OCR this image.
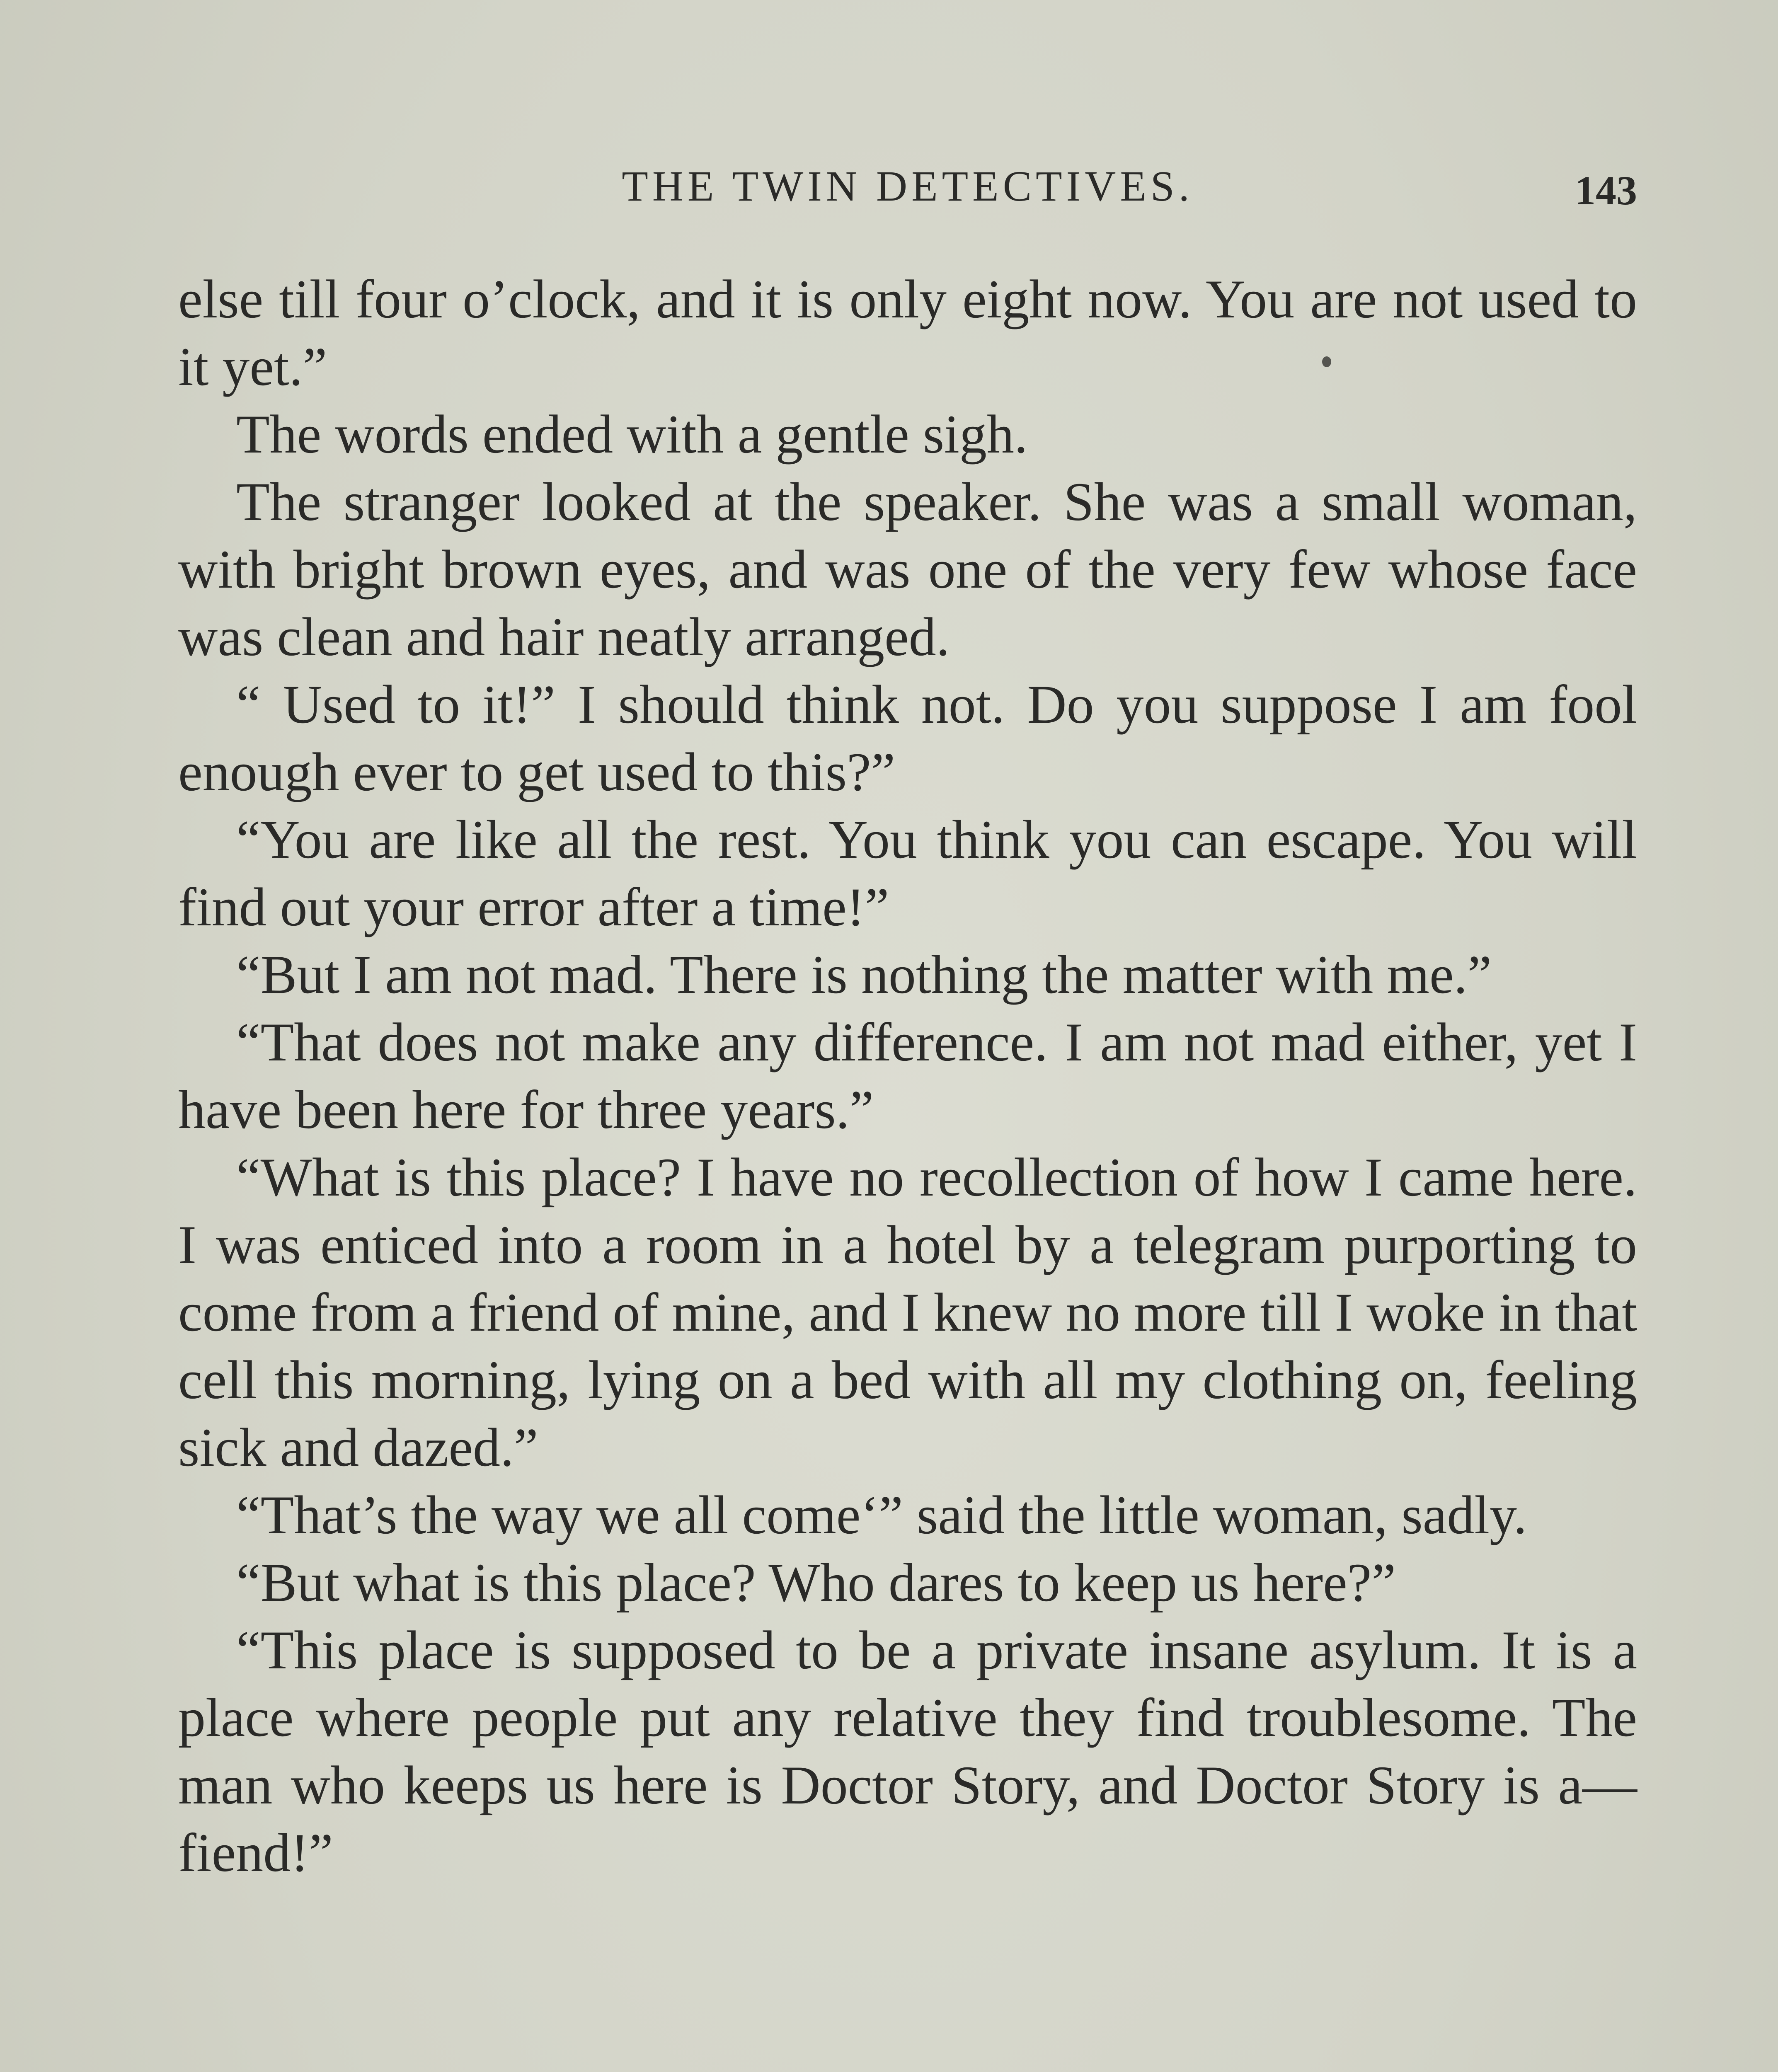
THE TWIN DETECTIVES.	143

else till four o’clock, and it is only eight now. You are not used to it yet.”

The words ended with a gentle sigh.

The stranger looked at the speaker. She was a small woman, with bright brown eyes, and was one of the very few whose face was clean and hair neatly arranged.

“ Used to it!” I should think not. Do you suppose I am fool enough ever to get used to this?”

“You are like all the rest. You think you can escape. You will find out your error after a time!”

“But I am not mad. There is nothing the matter with me.”

“That does not make any difference. I am not mad either, yet I have been here for three years.”

“What is this place? I have no recollection of how I came here. I was enticed into a room in a hotel by a telegram purporting to come from a friend of mine, and I knew no more till I woke in that cell this morning, lying on a bed with all my clothing on, feeling sick and dazed.”

“That’s the way we all come‘” said the little woman, sadly.

“But what is this place? Who dares to keep us here?”

“This place is supposed to be a private insane asylum. It is a place where people put any relative they find troublesome. The man who keeps us here is Doctor Story, and Doctor Story is a—fiend!”
